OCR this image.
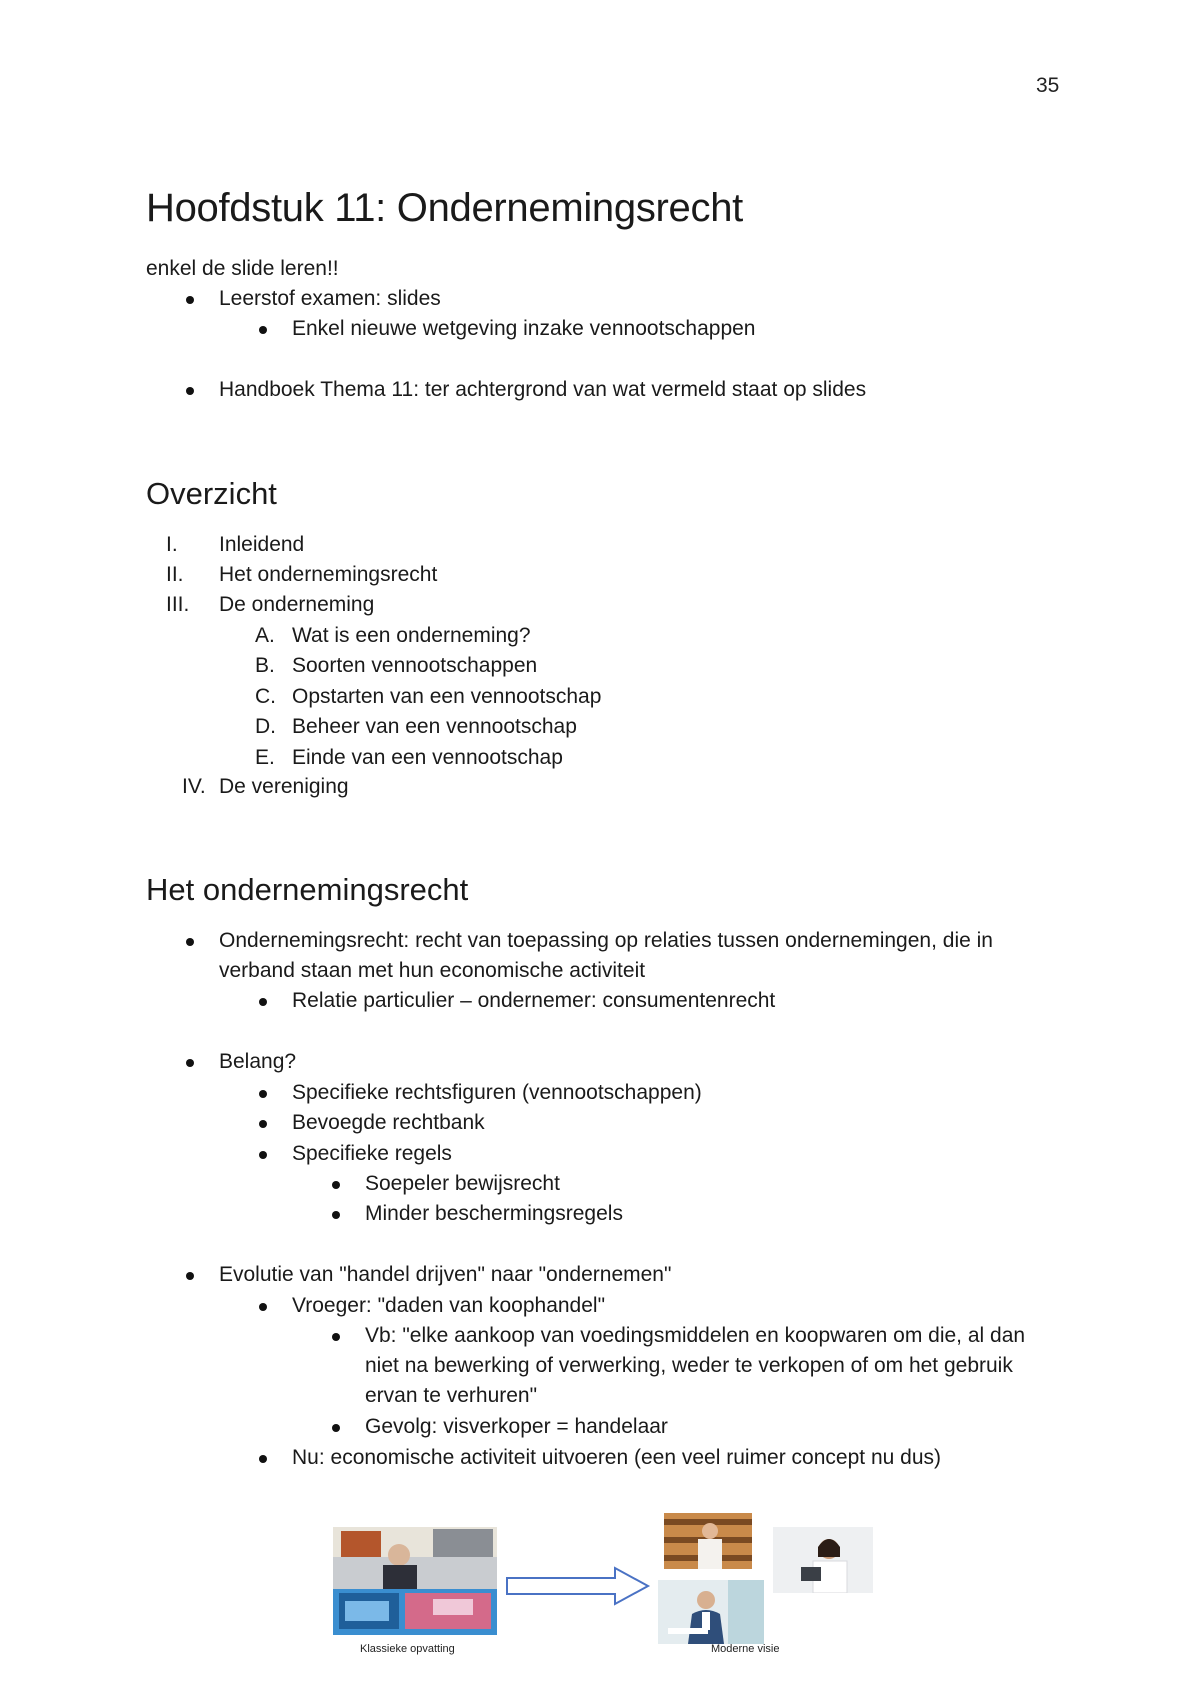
35
Hoofdstuk 11: Ondernemingsrecht
enkel de slide leren!!
Leerstof examen: slides
Enkel nieuwe wetgeving inzake vennootschappen
Handboek Thema 11: ter achtergrond van wat vermeld staat op slides
Overzicht
I.	Inleidend
II.	Het ondernemingsrecht
III.	De onderneming
A. Wat is een onderneming?
B. Soorten vennootschappen
C. Opstarten van een vennootschap
D. Beheer van een vennootschap
E. Einde van een vennootschap
IV. De vereniging
Het ondernemingsrecht
Ondernemingsrecht: recht van toepassing op relaties tussen ondernemingen, die in verband staan met hun economische activiteit
Relatie particulier – ondernemer: consumentenrecht
Belang?
Specifieke rechtsfiguren (vennootschappen)
Bevoegde rechtbank
Specifieke regels
Soepeler bewijsrecht
Minder beschermingsregels
Evolutie van "handel drijven" naar "ondernemen"
Vroeger: "daden van koophandel"
Vb: "elke aankoop van voedingsmiddelen en koopwaren om die, al dan niet na bewerking of verwerking, weder te verkopen of om het gebruik ervan te verhuren"
Gevolg: visverkoper = handelaar
Nu: economische activiteit uitvoeren (een veel ruimer concept nu dus)
Klassieke opvatting	Moderne visie
